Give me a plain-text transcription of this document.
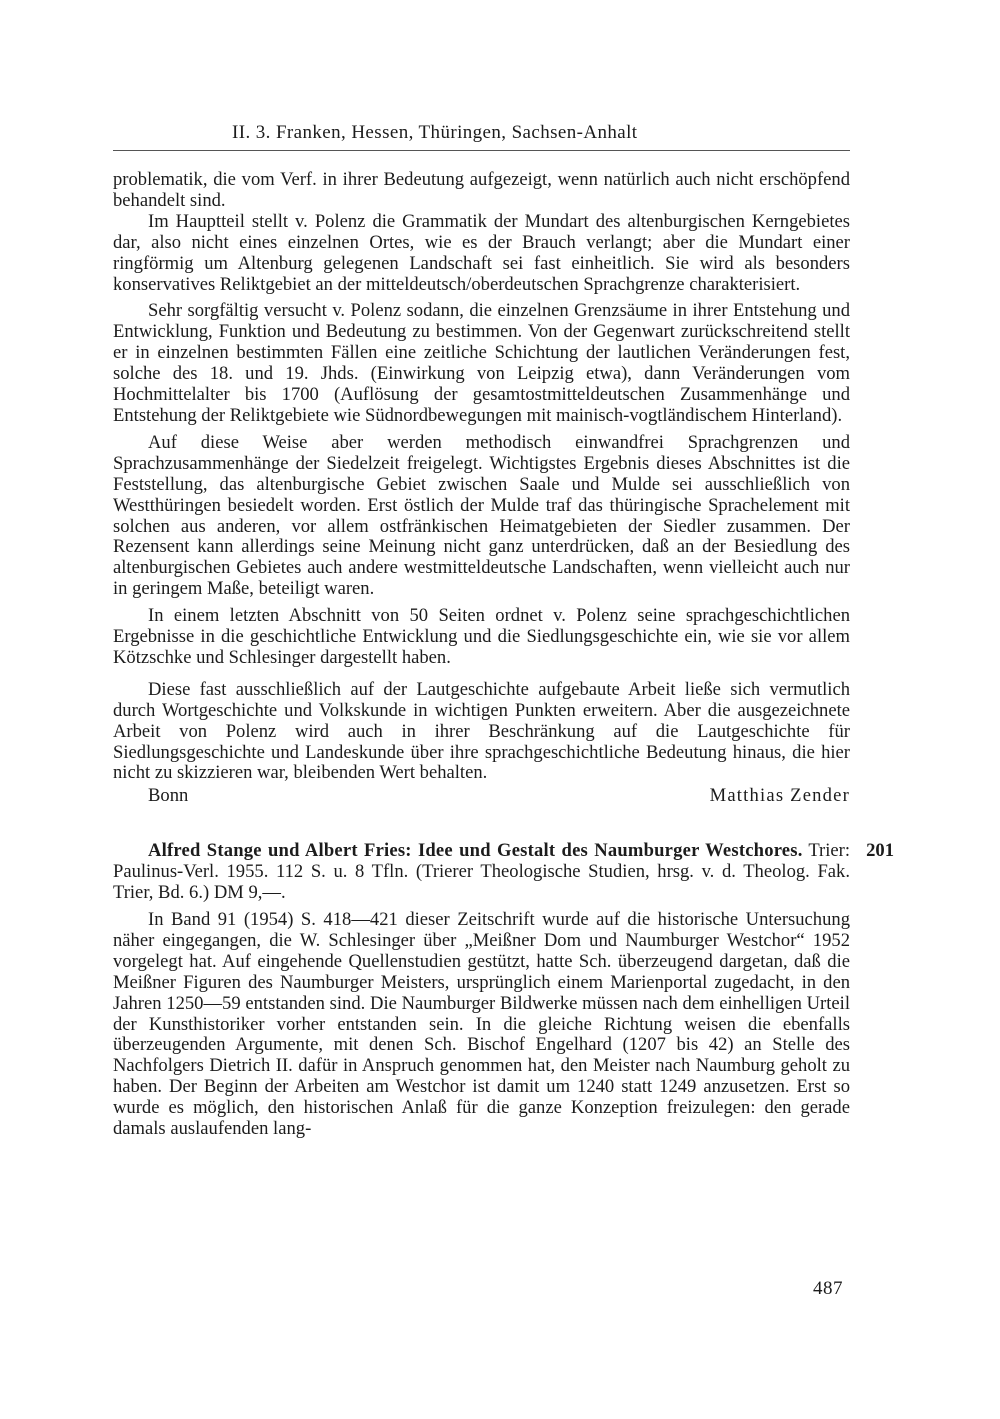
II. 3. Franken, Hessen, Thüringen, Sachsen-Anhalt

problematik, die vom Verf. in ihrer Bedeutung aufgezeigt, wenn natürlich auch nicht erschöpfend behandelt sind.

Im Hauptteil stellt v. Polenz die Grammatik der Mundart des altenburgischen Kerngebietes dar, also nicht eines einzelnen Ortes, wie es der Brauch verlangt; aber die Mundart einer ringförmig um Altenburg gelegenen Landschaft sei fast einheitlich. Sie wird als besonders konservatives Reliktgebiet an der mitteldeutsch/oberdeutschen Sprachgrenze charakterisiert.

Sehr sorgfältig versucht v. Polenz sodann, die einzelnen Grenzsäume in ihrer Entstehung und Entwicklung, Funktion und Bedeutung zu bestimmen. Von der Gegenwart zurückschreitend stellt er in einzelnen bestimmten Fällen eine zeitliche Schichtung der lautlichen Veränderungen fest, solche des 18. und 19. Jhds. (Einwirkung von Leipzig etwa), dann Veränderungen vom Hochmittelalter bis 1700 (Auflösung der gesamtostmitteldeutschen Zusammenhänge und Entstehung der Reliktgebiete wie Südnordbewegungen mit mainisch-vogtländischem Hinterland).

Auf diese Weise aber werden methodisch einwandfrei Sprachgrenzen und Sprachzusammenhänge der Siedelzeit freigelegt. Wichtigstes Ergebnis dieses Abschnittes ist die Feststellung, das altenburgische Gebiet zwischen Saale und Mulde sei ausschließlich von Westthüringen besiedelt worden. Erst östlich der Mulde traf das thüringische Sprachelement mit solchen aus anderen, vor allem ostfränkischen Heimatgebieten der Siedler zusammen. Der Rezensent kann allerdings seine Meinung nicht ganz unterdrücken, daß an der Besiedlung des altenburgischen Gebietes auch andere westmitteldeutsche Landschaften, wenn vielleicht auch nur in geringem Maße, beteiligt waren.

In einem letzten Abschnitt von 50 Seiten ordnet v. Polenz seine sprachgeschichtlichen Ergebnisse in die geschichtliche Entwicklung und die Siedlungsgeschichte ein, wie sie vor allem Kötzschke und Schlesinger dargestellt haben.

Diese fast ausschließlich auf der Lautgeschichte aufgebaute Arbeit ließe sich vermutlich durch Wortgeschichte und Volkskunde in wichtigen Punkten erweitern. Aber die ausgezeichnete Arbeit von Polenz wird auch in ihrer Beschränkung auf die Lautgeschichte für Siedlungsgeschichte und Landeskunde über ihre sprachgeschichtliche Bedeutung hinaus, die hier nicht zu skizzieren war, bleibenden Wert behalten.

Bonn	Matthias Zender
201

Alfred Stange und Albert Fries: Idee und Gestalt des Naumburger Westchores. Trier: Paulinus-Verl. 1955. 112 S. u. 8 Tfln. (Trierer Theologische Studien, hrsg. v. d. Theolog. Fak. Trier, Bd. 6.) DM 9,—.

In Band 91 (1954) S. 418—421 dieser Zeitschrift wurde auf die historische Untersuchung näher eingegangen, die W. Schlesinger über „Meißner Dom und Naumburger Westchor“ 1952 vorgelegt hat. Auf eingehende Quellenstudien gestützt, hatte Sch. überzeugend dargetan, daß die Meißner Figuren des Naumburger Meisters, ursprünglich einem Marienportal zugedacht, in den Jahren 1250—59 entstanden sind. Die Naumburger Bildwerke müssen nach dem einhelligen Urteil der Kunsthistoriker vorher entstanden sein. In die gleiche Richtung weisen die ebenfalls überzeugenden Argumente, mit denen Sch. Bischof Engelhard (1207 bis 42) an Stelle des Nachfolgers Dietrich II. dafür in Anspruch genommen hat, den Meister nach Naumburg geholt zu haben. Der Beginn der Arbeiten am Westchor ist damit um 1240 statt 1249 anzusetzen. Erst so wurde es möglich, den historischen Anlaß für die ganze Konzeption freizulegen: den gerade damals auslaufenden lang-

487
